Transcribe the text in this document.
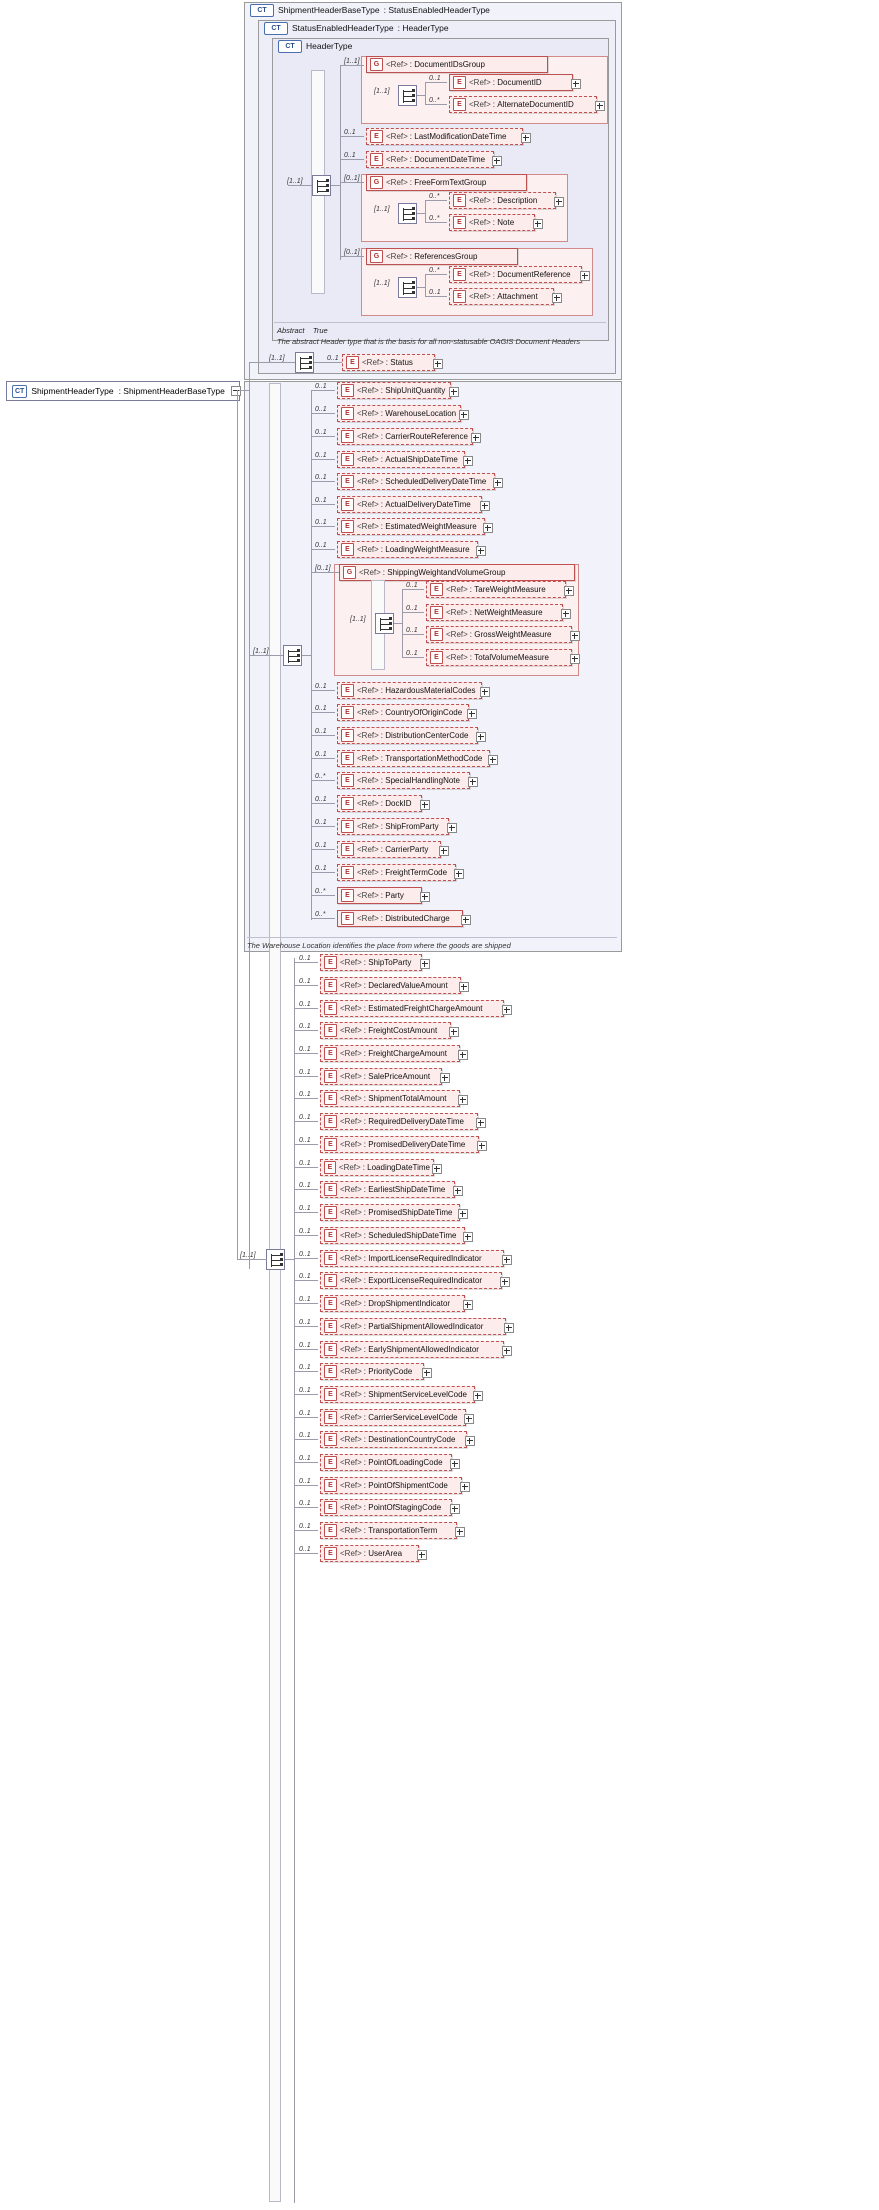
CT	ShipmentHeaderBaseType : StatusEnabledHeaderType
CT	StatusEnabledHeaderType : HeaderType
CT	HeaderType
CT ShipmentHeaderType : ShipmentHeaderBaseType
[1..1]
[1..1]	G <Ref> : DocumentIDsGroup
[1..1]
0..1
E <Ref> : DocumentID
0..*
E <Ref> : AlternateDocumentID
0..1
E <Ref> : LastModificationDateTime
0..1
E <Ref> : DocumentDateTime
[0..1]
G <Ref> : FreeFormTextGroup
[1..1]
0..*
E <Ref> : Description
0..*
E <Ref> : Note
[0..1]
G <Ref> : ReferencesGroup
[1..1]
0..*
E <Ref> : DocumentReference
0..1
E <Ref> : Attachment
Abstract True
The abstract Header type that is the basis for all non-statusable OAGIS Document Headers
[1..1]	0..1
E <Ref> : Status
[1..1]
[1..1]
0..1
E <Ref> : ShipUnitQuantity
0..1
E <Ref> : WarehouseLocation
0..1
E <Ref> : CarrierRouteReference
0..1
E <Ref> : ActualShipDateTime
0..1
E <Ref> : ScheduledDeliveryDateTime
0..1
E <Ref> : ActualDeliveryDateTime
0..1
E <Ref> : EstimatedWeightMeasure
0..1
E <Ref> : LoadingWeightMeasure
[0..1]
G <Ref> : ShippingWeightandVolumeGroup
[1..1]
0..1
E <Ref> : TareWeightMeasure
0..1
E <Ref> : NetWeightMeasure
0..1
E <Ref> : GrossWeightMeasure
0..1
E <Ref> : TotalVolumeMeasure
0..1
E <Ref> : HazardousMaterialCodes
0..1
E <Ref> : CountryOfOriginCode
0..1
E <Ref> : DistributionCenterCode
0..1
E <Ref> : TransportationMethodCode
0..*
E <Ref> : SpecialHandlingNote
0..1
E <Ref> : DockID
0..1
E <Ref> : ShipFromParty
0..1
E <Ref> : CarrierParty
0..1
E <Ref> : FreightTermCode
0..*
E <Ref> : Party
0..*
E <Ref> : DistributedCharge
The Warehouse Location identifies the place from where the goods are shipped
0..1
E <Ref> : ShipToParty
0..1
E <Ref> : DeclaredValueAmount
0..1
E <Ref> : EstimatedFreightChargeAmount
0..1
E <Ref> : FreightCostAmount
0..1
E <Ref> : FreightChargeAmount
0..1
E <Ref> : SalePriceAmount
0..1
E <Ref> : ShipmentTotalAmount
0..1
E <Ref> : RequiredDeliveryDateTime
0..1
E <Ref> : PromisedDeliveryDateTime
0..1
E <Ref> : LoadingDateTime
0..1
E <Ref> : EarliestShipDateTime
0..1
E <Ref> : PromisedShipDateTime
0..1
E <Ref> : ScheduledShipDateTime
0..1
E <Ref> : ImportLicenseRequiredIndicator
0..1
E <Ref> : ExportLicenseRequiredIndicator
0..1
E <Ref> : DropShipmentIndicator
0..1
E <Ref> : PartialShipmentAllowedIndicator
0..1
E <Ref> : EarlyShipmentAllowedIndicator
0..1
E <Ref> : PriorityCode
0..1
E <Ref> : ShipmentServiceLevelCode
0..1
E <Ref> : CarrierServiceLevelCode
0..1
E <Ref> : DestinationCountryCode
0..1
E <Ref> : PointOfLoadingCode
0..1
E <Ref> : PointOfShipmentCode
0..1
E <Ref> : PointOfStagingCode
0..1
E <Ref> : TransportationTerm
0..1
E <Ref> : UserArea
